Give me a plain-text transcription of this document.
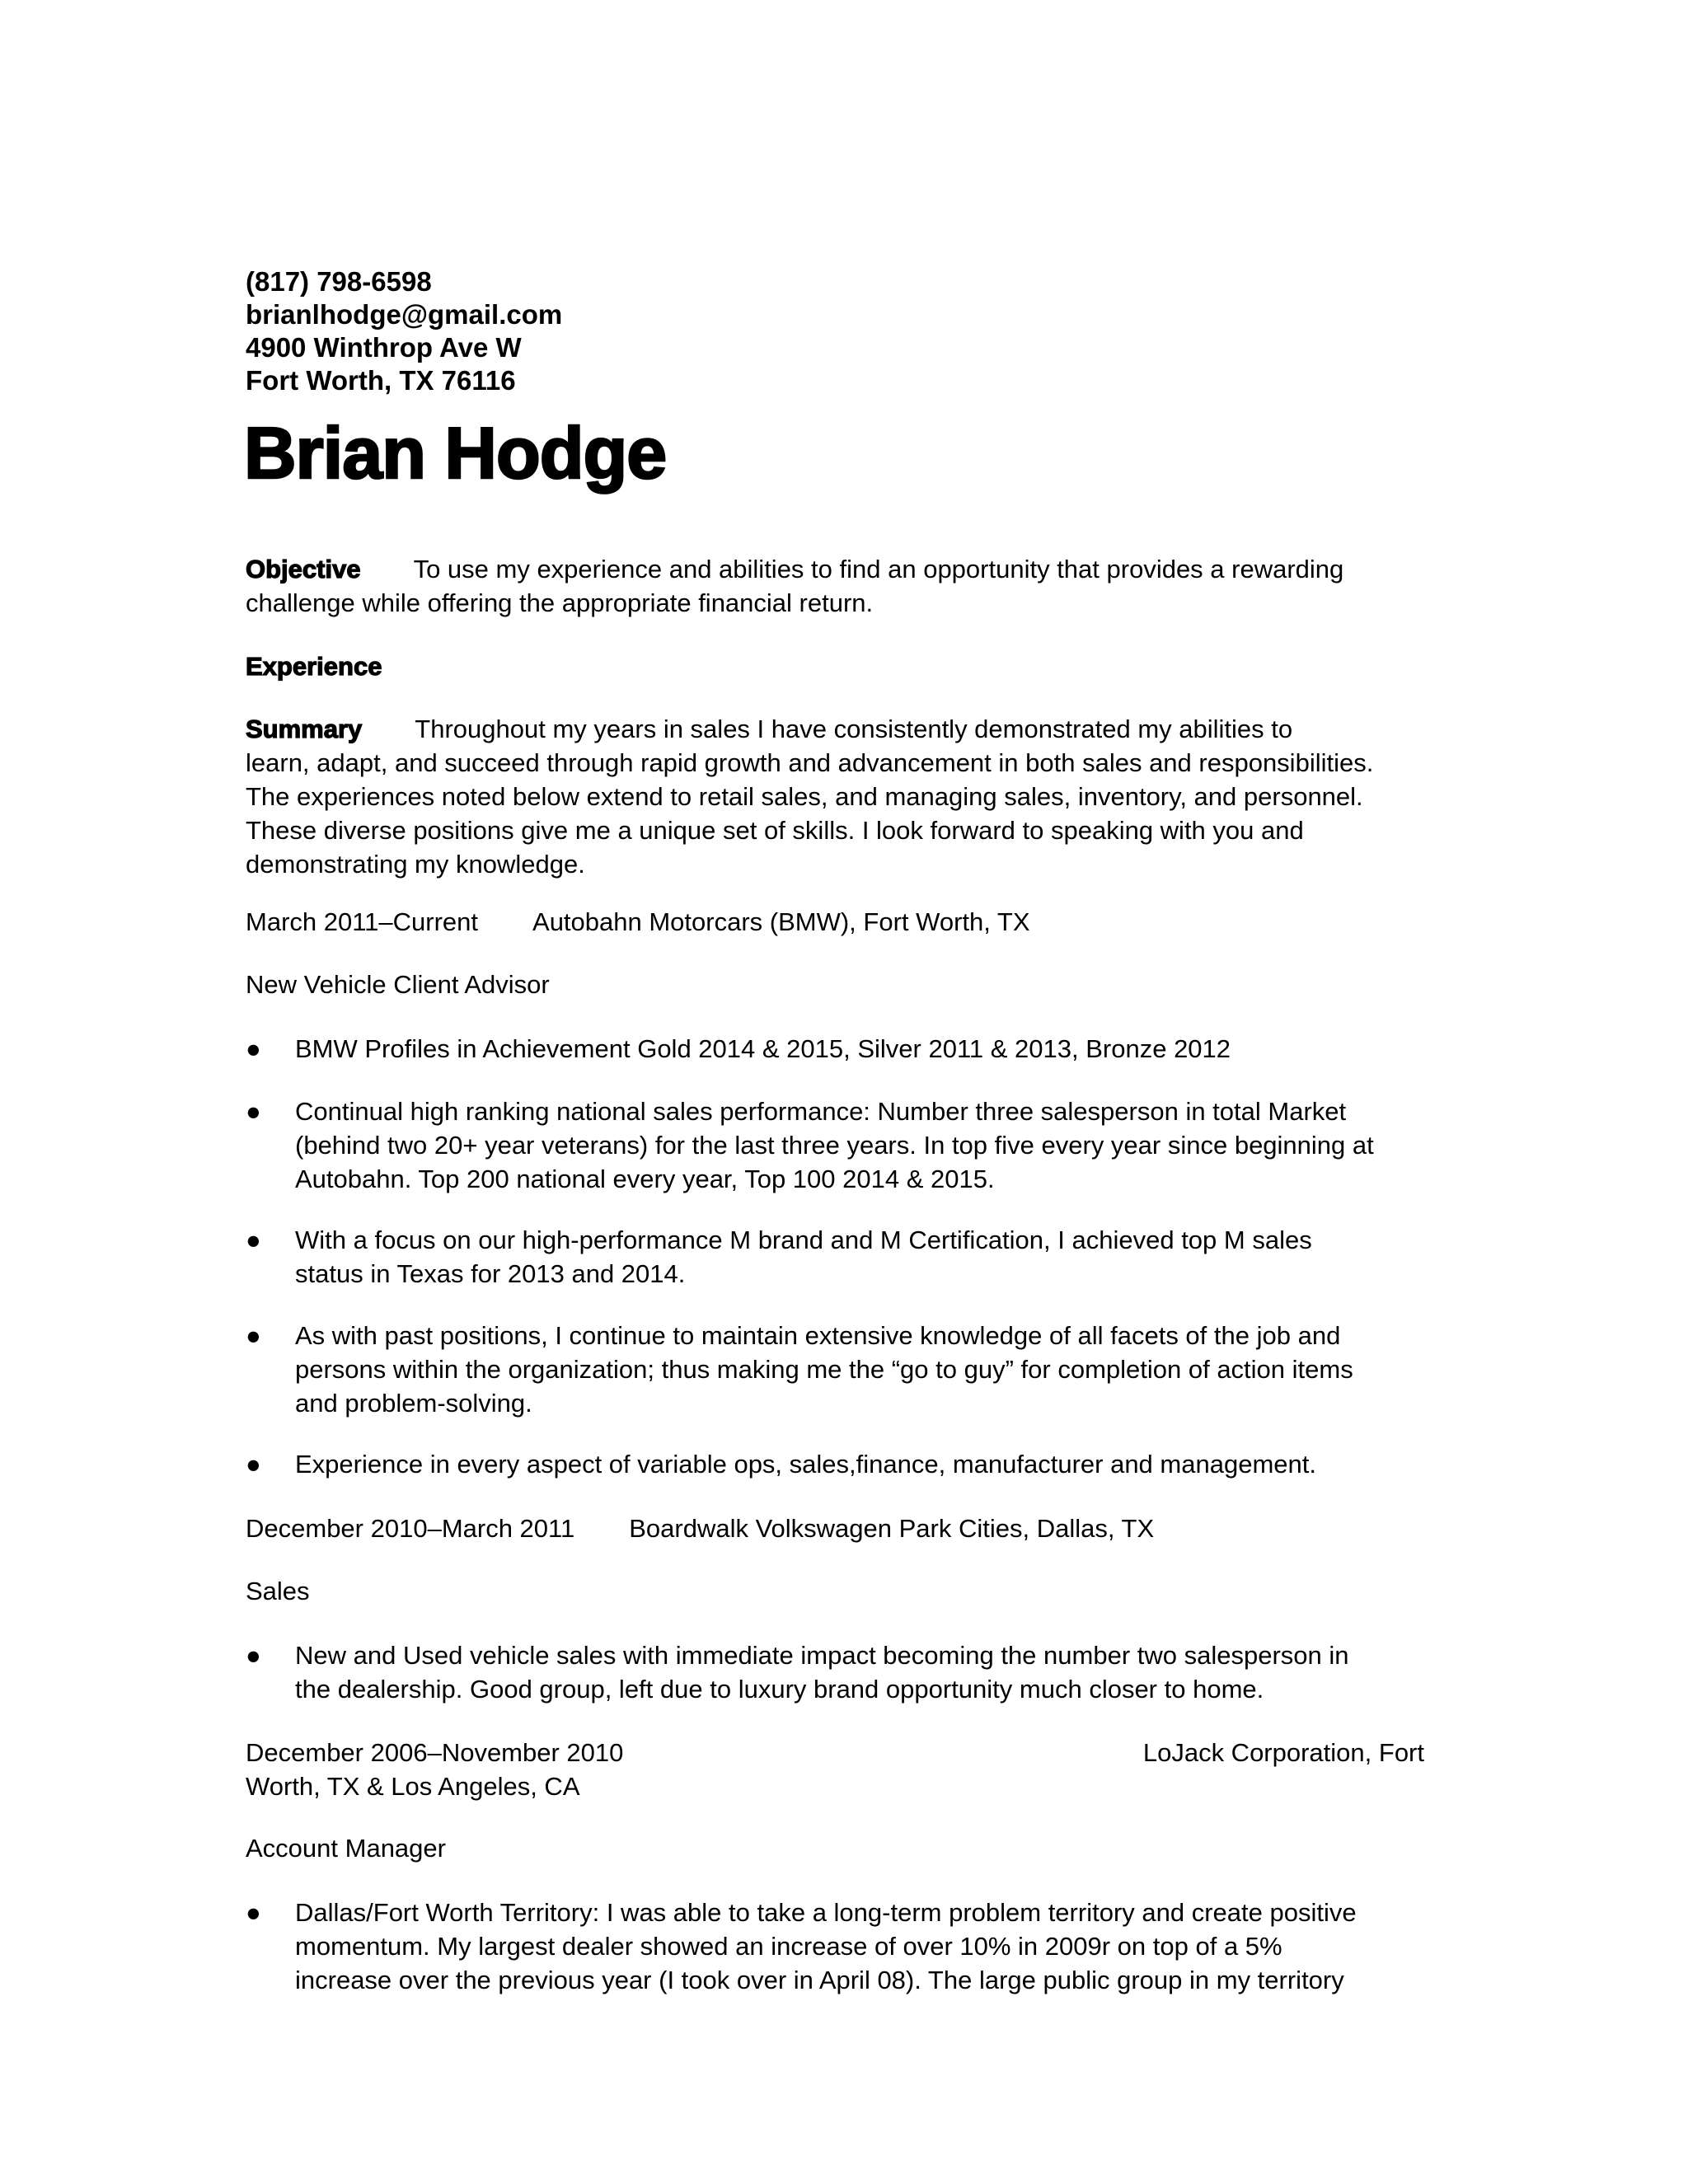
(817) 798-6598
brianlhodge@gmail.com
4900 Winthrop Ave W
Fort Worth, TX 76116
Brian Hodge
Objective To use my experience and abilities to find an opportunity that provides a rewarding
challenge while offering the appropriate financial return.
Experience
Summary Throughout my years in sales I have consistently demonstrated my abilities to
learn, adapt, and succeed through rapid growth and advancement in both sales and responsibilities.
The experiences noted below extend to retail sales, and managing sales, inventory, and personnel.
These diverse positions give me a unique set of skills. I look forward to speaking with you and
demonstrating my knowledge.
March 2011–Current Autobahn Motorcars (BMW), Fort Worth, TX
New Vehicle Client Advisor
●	BMW Profiles in Achievement Gold 2014 & 2015, Silver 2011 & 2013, Bronze 2012
●	Continual high ranking national sales performance: Number three salesperson in total Market
(behind two 20+ year veterans) for the last three years. In top five every year since beginning at
Autobahn. Top 200 national every year, Top 100 2014 & 2015.
●	With a focus on our high-performance M brand and M Certification, I achieved top M sales
status in Texas for 2013 and 2014.
●	As with past positions, I continue to maintain extensive knowledge of all facets of the job and
persons within the organization; thus making me the “go to guy” for completion of action items
and problem-solving.
●	Experience in every aspect of variable ops, sales,finance, manufacturer and management.
December 2010–March 2011 Boardwalk Volkswagen Park Cities, Dallas, TX
Sales
●	New and Used vehicle sales with immediate impact becoming the number two salesperson in
the dealership. Good group, left due to luxury brand opportunity much closer to home.
December 2006–November 2010	LoJack Corporation, Fort
Worth, TX & Los Angeles, CA
Account Manager
●	Dallas/Fort Worth Territory: I was able to take a long-term problem territory and create positive
momentum. My largest dealer showed an increase of over 10% in 2009r on top of a 5%
increase over the previous year (I took over in April 08). The large public group in my territory
